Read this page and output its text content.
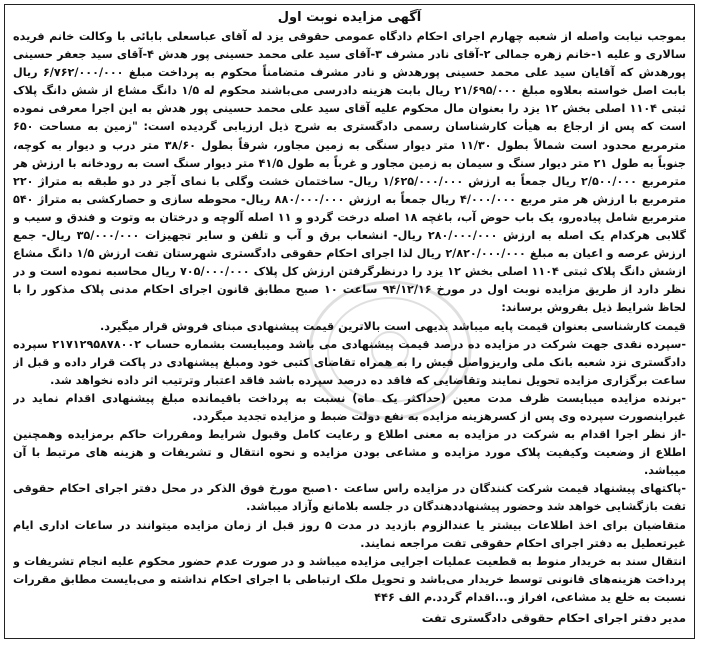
آگهی مزایده نوبت اول

بموجب نیابت واصله از شعبه چهارم اجرای احکام دادگاه عمومی حقوقی یزد له آقای عباسعلی بابائی با وکالت خانم فریده سالاری و علیه ۱-خانم زهره جمالی ۲-آقای نادر مشرف ۳-آقای سید علی محمد حسینی پور هدش ۴-آقای سید جعفر حسینی پورهدش که آقایان سید علی محمد حسینی پورهدش و نادر مشرف متضامناً محکوم به پرداخت مبلغ ۶/۷۶۲/۰۰۰/۰۰۰ ریال بابت اصل خواسته بعلاوه مبلغ ۲۱/۶۹۵/۰۰۰ ریال بابت هزینه دادرسی می‌باشند محکوم له ۱/۵ دانگ مشاع از شش دانگ پلاک ثبتی ۱۱۰۴ اصلی بخش ۱۲ یزد را بعنوان مال محکوم علیه آقای سید علی محمد حسینی پور هدش به این اجرا معرفی نموده است که پس از ارجاع به هیأت کارشناسان رسمی دادگستری به شرح ذیل ارزیابی گردیده است: "زمین به مساحت ۶۵۰ مترمربع محدود است شمالاً بطول ۱۱/۳۰ متر دیوار سنگی به زمین مجاور، شرقاً بطول ۳۸/۶۰ متر درب و دیوار به کوچه، جنوباً به طول ۲۱ متر دیوار سنگ و سیمان به زمین مجاور و غرباً به طول ۴۱/۵ متر دیوار سنگ است به رودخانه با ارزش هر مترمربع ۲/۵۰۰/۰۰۰ ریال جمعاً به ارزش ۱/۶۲۵/۰۰۰/۰۰۰ ریال- ساختمان خشت وگلی با نمای آجر در دو طبقه به متراژ ۲۲۰ مترمربع با ارزش هر متر مربع ۴/۰۰۰/۰۰۰ ریال جمعاً به ارزش ۸۸۰/۰۰۰/۰۰۰ ریال- محوطه سازی و حصارکشی به متراژ ۵۴۰ مترمربع شامل پیاده‌رو، یک باب حوض آب، باغچه ۱۸ اصله درخت گردو و ۱۱ اصله آلوچه و درختان به وتوت و فندق و سیب و گلابی هرکدام یک اصله به ارزش ۲۸۰/۰۰۰/۰۰۰ ریال- انشعاب برق و آب و تلفن و سایر تجهیزات ۳۵/۰۰۰/۰۰۰ ریال- جمع ارزش عرصه و اعیان به مبلغ ۲/۸۲۰/۰۰۰/۰۰۰ ریال لذا اجرای احکام حقوقی دادگستری شهرستان تفت ارزش ۱/۵ دانگ مشاع ازشش دانگ پلاک ثبتی ۱۱۰۴ اصلی بخش ۱۲ یزد را درنظرگرفتن ارزش کل پلاک ۷۰۵/۰۰۰/۰۰۰ ریال محاسبه نموده است و در نظر دارد از طریق مزایده نوبت اول در مورخ ۹۴/۱۲/۱۶ ساعت ۱۰ صبح مطابق قانون اجرای احکام مدنی پلاک مذکور را با لحاظ شرایط ذیل بفروش برساند:

قیمت کارشناسی بعنوان قیمت پایه میباشد بدیهی است بالاترین قیمت پیشنهادی مبنای فروش قرار میگیرد.

-سپرده نقدی جهت شرکت در مزایده ده درصد قیمت پیشنهادی می باشد ومیبایست بشماره حساب ۲۱۷۱۲۹۵۸۷۸۰۰۲ سپرده دادگستری نزد شعبه بانک ملی واریزواصل فیش را به همراه تقاضای کتبی خود ومبلغ پیشنهادی در پاکت قرار داده و قبل از ساعت برگزاری مزایده تحویل نمایند وتقاضایی که فاقد ده درصد سپرده باشد فاقد اعتبار وترتیب اثر داده نخواهد شد.

-برنده مزایده میبایست ظرف مدت معین (حداکثر یک ماه) نسبت به پرداخت باقیمانده مبلغ پیشنهادی اقدام نماید در غیراینصورت سپرده وی پس از کسرهزینه مزایده به نفع دولت ضبط و مزایده تجدید میگردد.

-از نظر اجرا اقدام به شرکت در مزایده به معنی اطلاع و رعایت کامل وقبول شرایط ومقررات حاکم برمزایده وهمچنین اطلاع از وضعیت وکیفیت پلاک مورد مزایده و مشاعی بودن مزایده و نحوه انتقال و تشریفات و هزینه های مرتبط با آن میباشد.

-پاکتهای پیشنهاد قیمت شرکت کنندگان در مزایده راس ساعت ۱۰صبح مورخ فوق الذکر در محل دفتر اجرای احکام حقوقی تفت بازگشایی خواهد شد وحضور پیشنهاددهندگان در جلسه بلامانع وآزاد میباشد.

متقاضیان برای اخذ اطلاعات بیشتر یا عندالزوم بازدید در مدت ۵ روز قبل از زمان مزایده میتوانند در ساعات اداری ایام غیرتعطیل به دفتر اجرای احکام حقوقی تفت مراجعه نمایند.

انتقال سند به خریدار منوط به قطعیت عملیات اجرایی مزایده میباشد و در صورت عدم حضور محکوم علیه انجام تشریفات و پرداخت هزینه‌های قانونی توسط خریدار می‌باشد و تحویل ملک ارتباطی با اجرای احکام نداشته و می‌بایست مطابق مقررات نسبت به خلع ید مشاعی، افراز و...اقدام گردد.م الف ۴۴۶

مدیر دفتر اجرای احکام حقوقی دادگستری تفت
